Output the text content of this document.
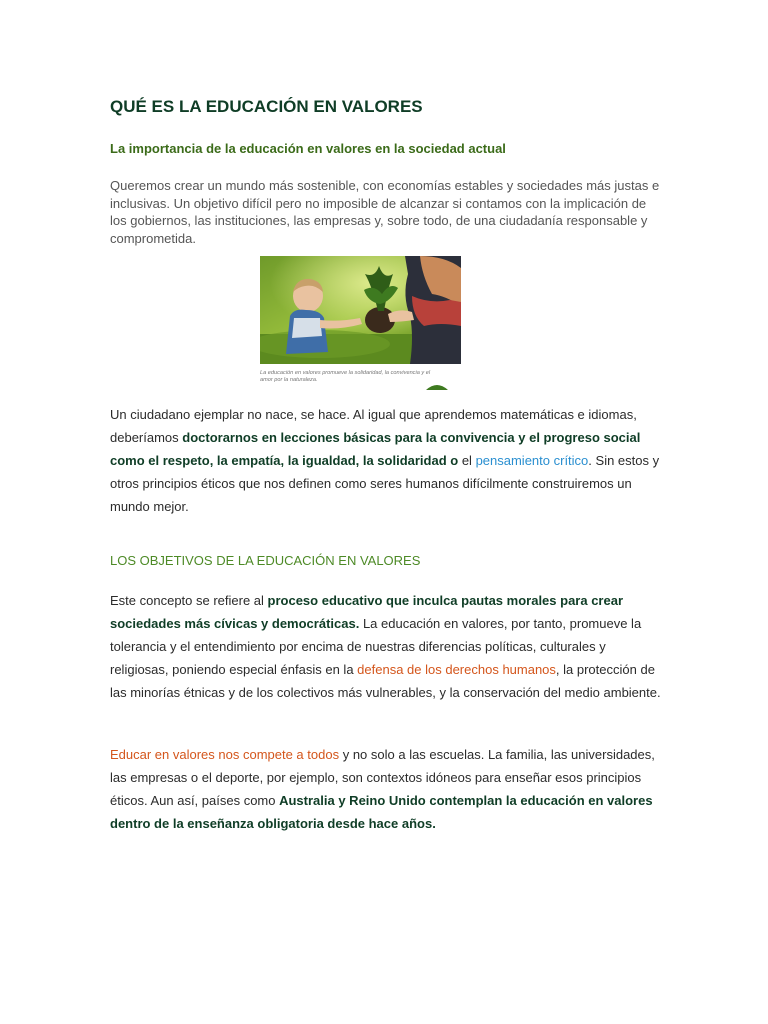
QUÉ ES LA EDUCACIÓN EN VALORES
La importancia de la educación en valores en la sociedad actual

Queremos crear un mundo más sostenible, con economías estables y sociedades más justas e inclusivas. Un objetivo difícil pero no imposible de alcanzar si contamos con la implicación de los gobiernos, las instituciones, las empresas y, sobre todo, de una ciudadanía responsable y comprometida.

La educación en valores promueve la solidaridad, la convivencia y el amor por la naturaleza.

Un ciudadano ejemplar no nace, se hace. Al igual que aprendemos matemáticas e idiomas, deberíamos doctorarnos en lecciones básicas para la convivencia y el progreso social como el respeto, la empatía, la igualdad, la solidaridad o el pensamiento crítico. Sin estos y otros principios éticos que nos definen como seres humanos difícilmente construiremos un mundo mejor.

LOS OBJETIVOS DE LA EDUCACIÓN EN VALORES

Este concepto se refiere al proceso educativo que inculca pautas morales para crear sociedades más cívicas y democráticas. La educación en valores, por tanto, promueve la tolerancia y el entendimiento por encima de nuestras diferencias políticas, culturales y religiosas, poniendo especial énfasis en la defensa de los derechos humanos, la protección de las minorías étnicas y de los colectivos más vulnerables, y la conservación del medio ambiente.

Educar en valores nos compete a todos y no solo a las escuelas. La familia, las universidades, las empresas o el deporte, por ejemplo, son contextos idóneos para enseñar esos principios éticos. Aun así, países como Australia y Reino Unido contemplan la educación en valores dentro de la enseñanza obligatoria desde hace años.
